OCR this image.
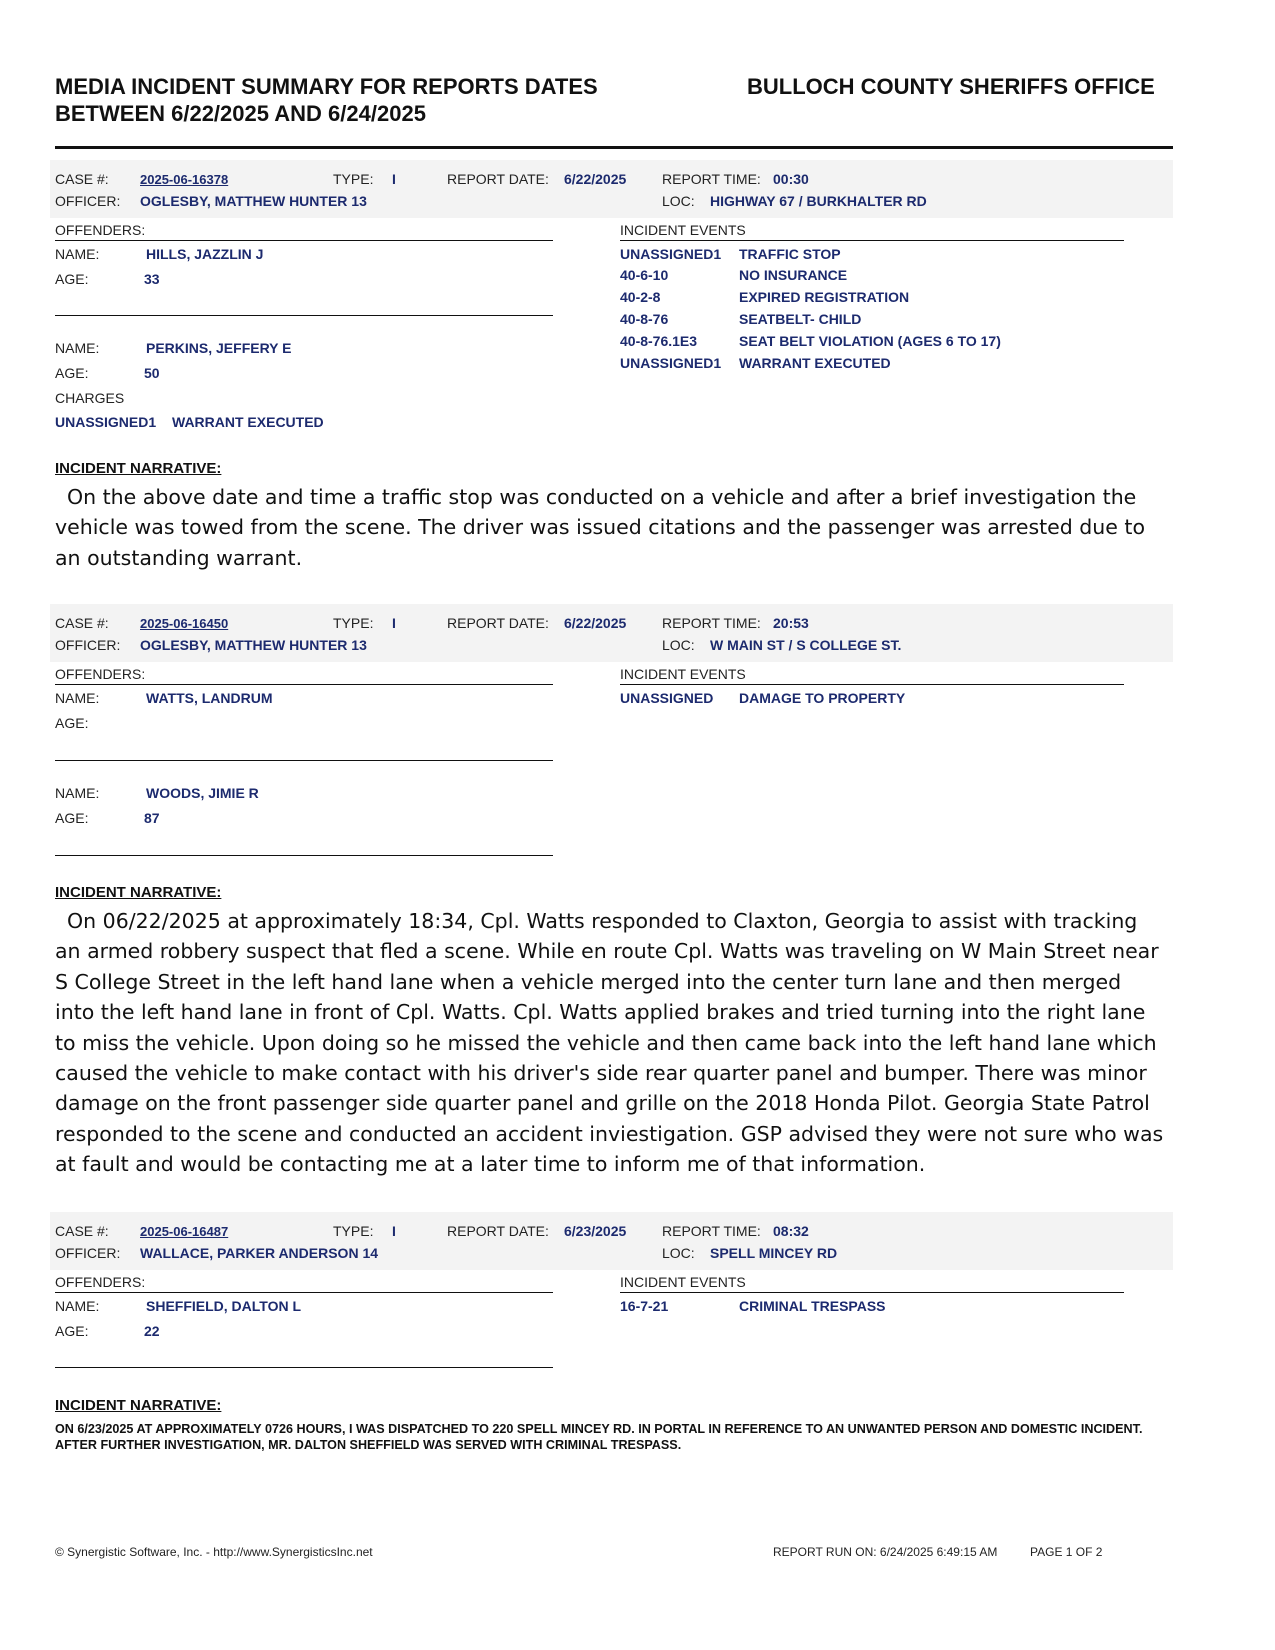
MEDIA INCIDENT SUMMARY FOR REPORTS DATES
BETWEEN 6/22/2025 AND 6/24/2025
BULLOCH COUNTY SHERIFFS OFFICE
CASE #: 2025-06-16378	TYPE: I	REPORT DATE: 6/22/2025	REPORT TIME: 00:30
OFFICER: OGLESBY, MATTHEW HUNTER 13	LOC: HIGHWAY 67 / BURKHALTER RD
OFFENDERS:	INCIDENT EVENTS
NAME:	HILLS, JAZZLIN J
AGE:	33
NAME:	PERKINS, JEFFERY E
AGE:	50
CHARGES
UNASSIGNED1 WARRANT EXECUTED
UNASSIGNED1 TRAFFIC STOP
40-6-10	NO INSURANCE
40-2-8	EXPIRED REGISTRATION
40-8-76	SEATBELT- CHILD
40-8-76.1E3	SEAT BELT VIOLATION (AGES 6 TO 17)
UNASSIGNED1 WARRANT EXECUTED
INCIDENT NARRATIVE:
On the above date and time a traffic stop was conducted on a vehicle and after a brief investigation the vehicle was towed from the scene. The driver was issued citations and the passenger was arrested due to an outstanding warrant.
CASE #: 2025-06-16450	TYPE: I	REPORT DATE: 6/22/2025	REPORT TIME: 20:53
OFFICER: OGLESBY, MATTHEW HUNTER 13	LOC: W MAIN ST / S COLLEGE ST.
OFFENDERS:	INCIDENT EVENTS
NAME:	WATTS, LANDRUM
AGE:
NAME:	WOODS, JIMIE R
AGE:	87
UNASSIGNED DAMAGE TO PROPERTY
INCIDENT NARRATIVE:
On 06/22/2025 at approximately 18:34, Cpl. Watts responded to Claxton, Georgia to assist with tracking an armed robbery suspect that fled a scene. While en route Cpl. Watts was traveling on W Main Street near S College Street in the left hand lane when a vehicle merged into the center turn lane and then merged into the left hand lane in front of Cpl. Watts. Cpl. Watts applied brakes and tried turning into the right lane to miss the vehicle. Upon doing so he missed the vehicle and then came back into the left hand lane which caused the vehicle to make contact with his driver's side rear quarter panel and bumper. There was minor damage on the front passenger side quarter panel and grille on the 2018 Honda Pilot. Georgia State Patrol responded to the scene and conducted an accident inviestigation. GSP advised they were not sure who was at fault and would be contacting me at a later time to inform me of that information.
CASE #: 2025-06-16487	TYPE: I	REPORT DATE: 6/23/2025	REPORT TIME: 08:32
OFFICER: WALLACE, PARKER ANDERSON 14	LOC: SPELL MINCEY RD
OFFENDERS:	INCIDENT EVENTS
NAME:	SHEFFIELD, DALTON L
AGE:	22
16-7-21	CRIMINAL TRESPASS
INCIDENT NARRATIVE:
ON 6/23/2025 AT APPROXIMATELY 0726 HOURS, I WAS DISPATCHED TO 220 SPELL MINCEY RD. IN PORTAL IN REFERENCE TO AN UNWANTED PERSON AND DOMESTIC INCIDENT. AFTER FURTHER INVESTIGATION, MR. DALTON SHEFFIELD WAS SERVED WITH CRIMINAL TRESPASS.
© Synergistic Software, Inc. - http://www.SynergisticsInc.net	REPORT RUN ON: 6/24/2025 6:49:15 AM	PAGE 1 OF 2
